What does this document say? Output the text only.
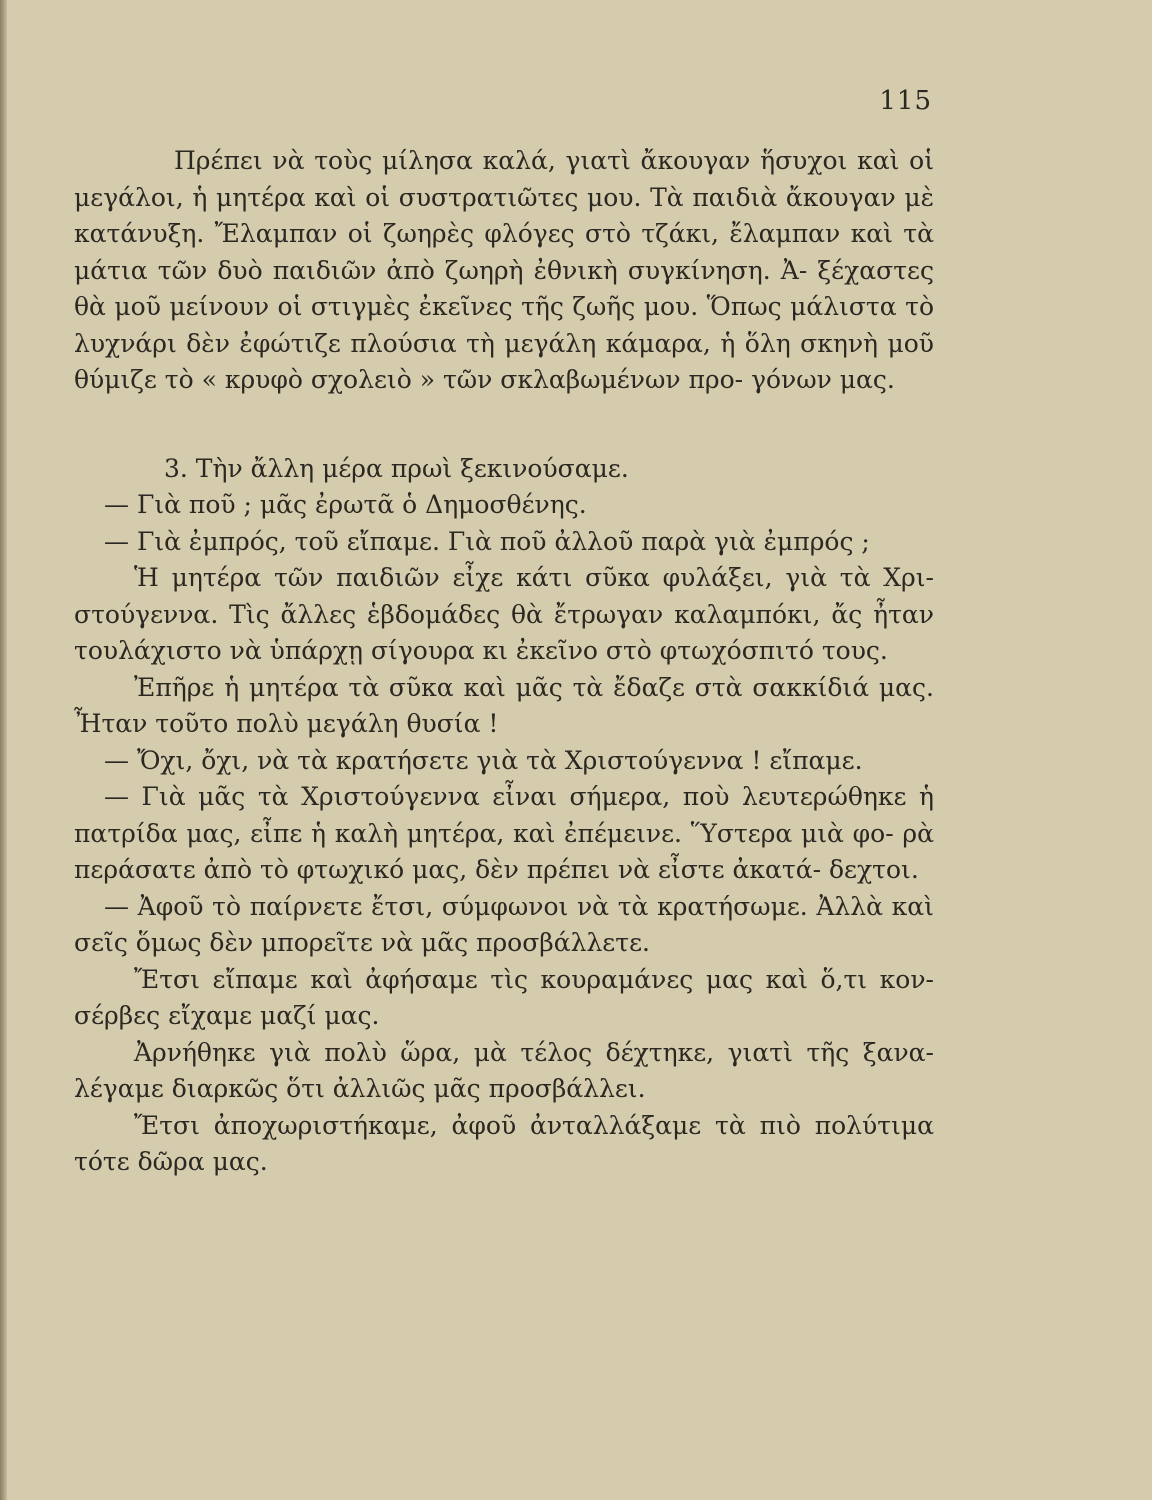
115

Πρέπει νὰ τοὺς μίλησα καλά, γιατὶ ἄκουγαν ἥσυχοι καὶ οἱ μεγάλοι, ἡ μητέρα καὶ οἱ συστρατιῶτες μου. Τὰ παιδιὰ ἄκουγαν μὲ κατάνυξη. Ἔλαμπαν οἱ ζωηρὲς φλόγες στὸ τζάκι, ἔλαμπαν καὶ τὰ μάτια τῶν δυὸ παιδιῶν ἀπὸ ζωηρὴ ἐθνικὴ συγκίνηση. Ἀ- ξέχαστες θὰ μοῦ μείνουν οἱ στιγμὲς ἐκεῖνες τῆς ζωῆς μου. Ὅπως μάλιστα τὸ λυχνάρι δὲν ἐφώτιζε πλούσια τὴ μεγάλη κάμαρα, ἡ ὅλη σκηνὴ μοῦ θύμιζε τὸ « κρυφὸ σχολειὸ » τῶν σκλαβωμένων προ- γόνων μας.

3. Τὴν ἄλλη μέρα πρωὶ ξεκινούσαμε.

— Γιὰ ποῦ ; μᾶς ἐρωτᾶ ὁ Δημοσθένης.

— Γιὰ ἐμπρός, τοῦ εἴπαμε. Γιὰ ποῦ ἀλλοῦ παρὰ γιὰ ἐμπρός ;

Ἡ μητέρα τῶν παιδιῶν εἶχε κάτι σῦκα φυλάξει, γιὰ τὰ Χρι- στούγεννα. Τὶς ἄλλες ἑβδομάδες θὰ ἔτρωγαν καλαμπόκι, ἄς ἦταν τουλάχιστο νὰ ὑπάρχῃ σίγουρα κι ἐκεῖνο στὸ φτωχόσπιτό τους.

Ἐπῆρε ἡ μητέρα τὰ σῦκα καὶ μᾶς τὰ ἔδαζε στὰ σακκίδιά μας. Ἦταν τοῦτο πολὺ μεγάλη θυσία !

— Ὄχι, ὄχι, νὰ τὰ κρατήσετε γιὰ τὰ Χριστούγεννα ! εἴπαμε.

— Γιὰ μᾶς τὰ Χριστούγεννα εἶναι σήμερα, ποὺ λευτερώθηκε ἡ πατρίδα μας, εἶπε ἡ καλὴ μητέρα, καὶ ἐπέμεινε. Ὕστερα μιὰ φο- ρὰ περάσατε ἀπὸ τὸ φτωχικό μας, δὲν πρέπει νὰ εἶστε ἀκατά- δεχτοι.

— Ἀφοῦ τὸ παίρνετε ἔτσι, σύμφωνοι νὰ τὰ κρατήσωμε. Ἀλλὰ καὶ σεῖς ὅμως δὲν μπορεῖτε νὰ μᾶς προσβάλλετε.

Ἔτσι εἴπαμε καὶ ἀφήσαμε τὶς κουραμάνες μας καὶ ὅ,τι κον- σέρβες εἴχαμε μαζί μας.

Ἀρνήθηκε γιὰ πολὺ ὥρα, μὰ τέλος δέχτηκε, γιατὶ τῆς ξανα- λέγαμε διαρκῶς ὅτι ἀλλιῶς μᾶς προσβάλλει.

Ἔτσι ἀποχωριστήκαμε, ἀφοῦ ἀνταλλάξαμε τὰ πιὸ πολύτιμα τότε δῶρα μας.
